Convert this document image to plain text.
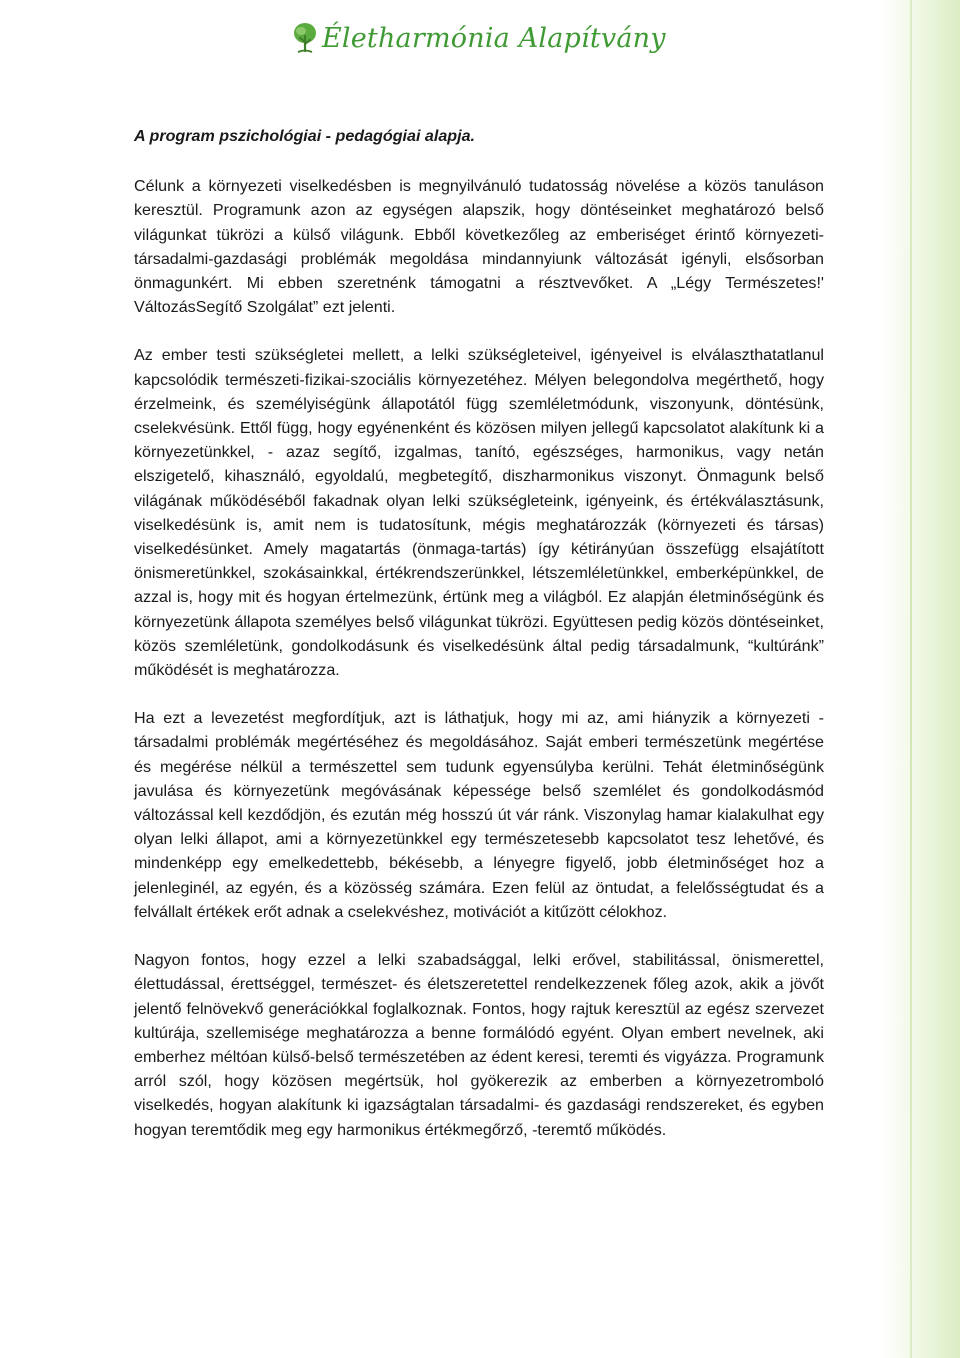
Életharmónia Alapítvány

A program pszichológiai - pedagógiai alapja.

Célunk a környezeti viselkedésben is megnyilvánuló tudatosság növelése a közös tanuláson keresztül. Programunk azon az egységen alapszik, hogy döntéseinket meghatározó belső világunkat tükrözi a külső világunk. Ebből következőleg az emberiséget érintő környezeti-társadalmi-gazdasági problémák megoldása mindannyiunk változását igényli, elsősorban önmagunkért. Mi ebben szeretnénk támogatni a résztvevőket. A „Légy Természetes!' VáltozásSegítő Szolgálat” ezt jelenti.

Az ember testi szükségletei mellett, a lelki szükségleteivel, igényeivel is elválaszthatatlanul kapcsolódik természeti-fizikai-szociális környezetéhez. Mélyen belegondolva megérthető, hogy érzelmeink, és személyiségünk állapotától függ szemléletmódunk, viszonyunk, döntésünk, cselekvésünk. Ettől függ, hogy egyénenként és közösen milyen jellegű kapcsolatot alakítunk ki a környezetünkkel, - azaz segítő, izgalmas, tanító, egészséges, harmonikus, vagy netán elszigetelő, kihasználó, egyoldalú, megbetegítő, diszharmonikus viszonyt. Önmagunk belső világának működéséből fakadnak olyan lelki szükségleteink, igényeink, és értékválasztásunk, viselkedésünk is, amit nem is tudatosítunk, mégis meghatározzák (környezeti és társas) viselkedésünket. Amely magatartás (önmaga-tartás) így kétirányúan összefügg elsajátított önismeretünkkel, szokásainkkal, értékrendszerünkkel, létszemléletünkkel, emberképünkkel, de azzal is, hogy mit és hogyan értelmezünk, értünk meg a világból. Ez alapján életminőségünk és környezetünk állapota személyes belső világunkat tükrözi. Együttesen pedig közös döntéseinket, közös szemléletünk, gondolkodásunk és viselkedésünk által pedig társadalmunk, “kultúránk” működését is meghatározza.

Ha ezt a levezetést megfordítjuk, azt is láthatjuk, hogy mi az, ami hiányzik a környezeti - társadalmi problémák megértéséhez és megoldásához. Saját emberi természetünk megértése és megérése nélkül a természettel sem tudunk egyensúlyba kerülni. Tehát életminőségünk javulása és környezetünk megóvásának képessége belső szemlélet és gondolkodásmód változással kell kezdődjön, és ezután még hosszú út vár ránk. Viszonylag hamar kialakulhat egy olyan lelki állapot, ami a környezetünkkel egy természetesebb kapcsolatot tesz lehetővé, és mindenképp egy emelkedettebb, békésebb, a lényegre figyelő, jobb életminőséget hoz a jelenleginél, az egyén, és a közösség számára. Ezen felül az öntudat, a felelősségtudat és a felvállalt értékek erőt adnak a cselekvéshez, motivációt a kitűzött célokhoz.

Nagyon fontos, hogy ezzel a lelki szabadsággal, lelki erővel, stabilitással, önismerettel, élettudással, érettséggel, természet- és életszeretettel rendelkezzenek főleg azok, akik a jövőt jelentő felnövekvő generációkkal foglalkoznak. Fontos, hogy rajtuk keresztül az egész szervezet kultúrája, szellemisége meghatározza a benne formálódó egyént. Olyan embert nevelnek, aki emberhez méltóan külső-belső természetében az édent keresi, teremti és vigyázza. Programunk arról szól, hogy közösen megértsük, hol gyökerezik az emberben a környezetromboló viselkedés, hogyan alakítunk ki igazságtalan társadalmi- és gazdasági rendszereket, és egyben hogyan teremtődik meg egy harmonikus értékmegőrző, -teremtő működés.
